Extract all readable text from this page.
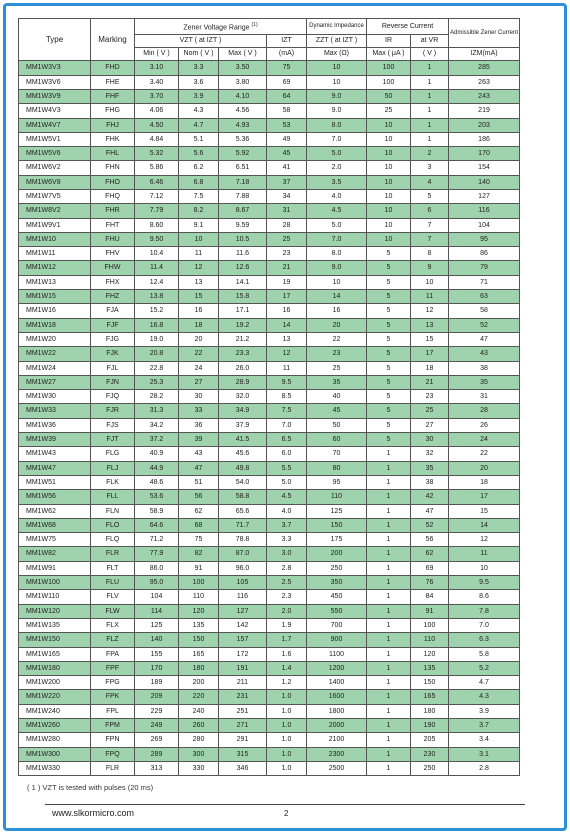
Type	Marking	Zener Voltage Range $^{(1)}$				Dynamic Impedance	Reverse Current		Admissible Zener Current
		VZT ( at IZT )			IZT	ZZT ( at IZT )	IR	at VR	
		Min ( V )	Nom ( V )	Max ( V )	(mA)	Max (Ω)	Max ( μA )	( V )	IZM(mA)
MM1W3V3	FHD	3.10	3.3	3.50	75	10	100	1	285
MM1W3V6	FHE	3.40	3.6	3.80	69	10	100	1	263
MM1W3V9	FHF	3.70	3.9	4.10	64	9.0	50	1	243
MM1W4V3	FHG	4.06	4.3	4.56	58	9.0	25	1	219
MM1W4V7	FHJ	4.50	4.7	4.93	53	8.0	10	1	203
MM1W5V1	FHK	4.84	5.1	5.36	49	7.0	10	1	186
MM1W5V6	FHL	5.32	5.6	5.92	45	5.0	10	2	170
MM1W6V2	FHN	5.86	6.2	6.51	41	2.0	10	3	154
MM1W6V8	FHO	6.46	6.8	7.18	37	3.5	10	4	140
MM1W7V5	FHQ	7.12	7.5	7.88	34	4.0	10	5	127
MM1W8V2	FHR	7.79	8.2	8.67	31	4.5	10	6	116
MM1W9V1	FHT	8.60	9.1	9.59	28	5.0	10	7	104
MM1W10	FHU	9.50	10	10.5	25	7.0	10	7	95
MM1W11	FHV	10.4	11	11.6	23	8.0	5	8	86
MM1W12	FHW	11.4	12	12.6	21	9.0	5	9	79
MM1W13	FHX	12.4	13	14.1	19	10	5	10	71
MM1W15	FHZ	13.8	15	15.8	17	14	5	11	63
MM1W16	FJA	15.2	16	17.1	16	16	5	12	58
MM1W18	FJF	16.8	18	19.2	14	20	5	13	52
MM1W20	FJG	19.0	20	21.2	13	22	5	15	47
MM1W22	FJK	20.8	22	23.3	12	23	5	17	43
MM1W24	FJL	22.8	24	26.0	11	25	5	18	38
MM1W27	FJN	25.3	27	28.9	9.5	35	5	21	35
MM1W30	FJQ	28.2	30	32.0	8.5	40	5	23	31
MM1W33	FJR	31.3	33	34.9	7.5	45	5	25	28
MM1W36	FJS	34.2	36	37.9	7.0	50	5	27	26
MM1W39	FJT	37.2	39	41.5	6.5	60	5	30	24
MM1W43	FLG	40.9	43	45.6	6.0	70	1	32	22
MM1W47	FLJ	44.9	47	49.8	5.5	80	1	35	20
MM1W51	FLK	48.6	51	54.0	5.0	95	1	38	18
MM1W56	FLL	53.6	56	58.8	4.5	110	1	42	17
MM1W62	FLN	58.9	62	65.6	4.0	125	1	47	15
MM1W68	FLO	64.6	68	71.7	3.7	150	1	52	14
MM1W75	FLQ	71.2	75	78.8	3.3	175	1	56	12
MM1W82	FLR	77.9	82	87.0	3.0	200	1	62	11
MM1W91	FLT	86.0	91	96.0	2.8	250	1	69	10
MM1W100	FLU	95.0	100	105	2.5	350	1	76	9.5
MM1W110	FLV	104	110	116	2.3	450	1	84	8.6
MM1W120	FLW	114	120	127	2.0	550	1	91	7.8
MM1W135	FLX	125	135	142	1.9	700	1	100	7.0
MM1W150	FLZ	140	150	157	1.7	900	1	110	6.3
MM1W165	FPA	155	165	172	1.6	1100	1	120	5.8
MM1W180	FPF	170	180	191	1.4	1200	1	135	5.2
MM1W200	FPG	189	200	211	1.2	1400	1	150	4.7
MM1W220	FPK	209	220	231	1.0	1600	1	165	4.3
MM1W240	FPL	229	240	251	1.0	1800	1	180	3.9
MM1W260	FPM	249	260	271	1.0	2000	1	190	3.7
MM1W280	FPN	269	280	291	1.0	2100	1	205	3.4
MM1W300	FPQ	289	300	315	1.0	2300	1	230	3.1
MM1W330	FLR	313	330	346	1.0	2500	1	250	2.8
( 1 ) VZT is tested with pulses (20 ms)
www.slkormicro.com	2
